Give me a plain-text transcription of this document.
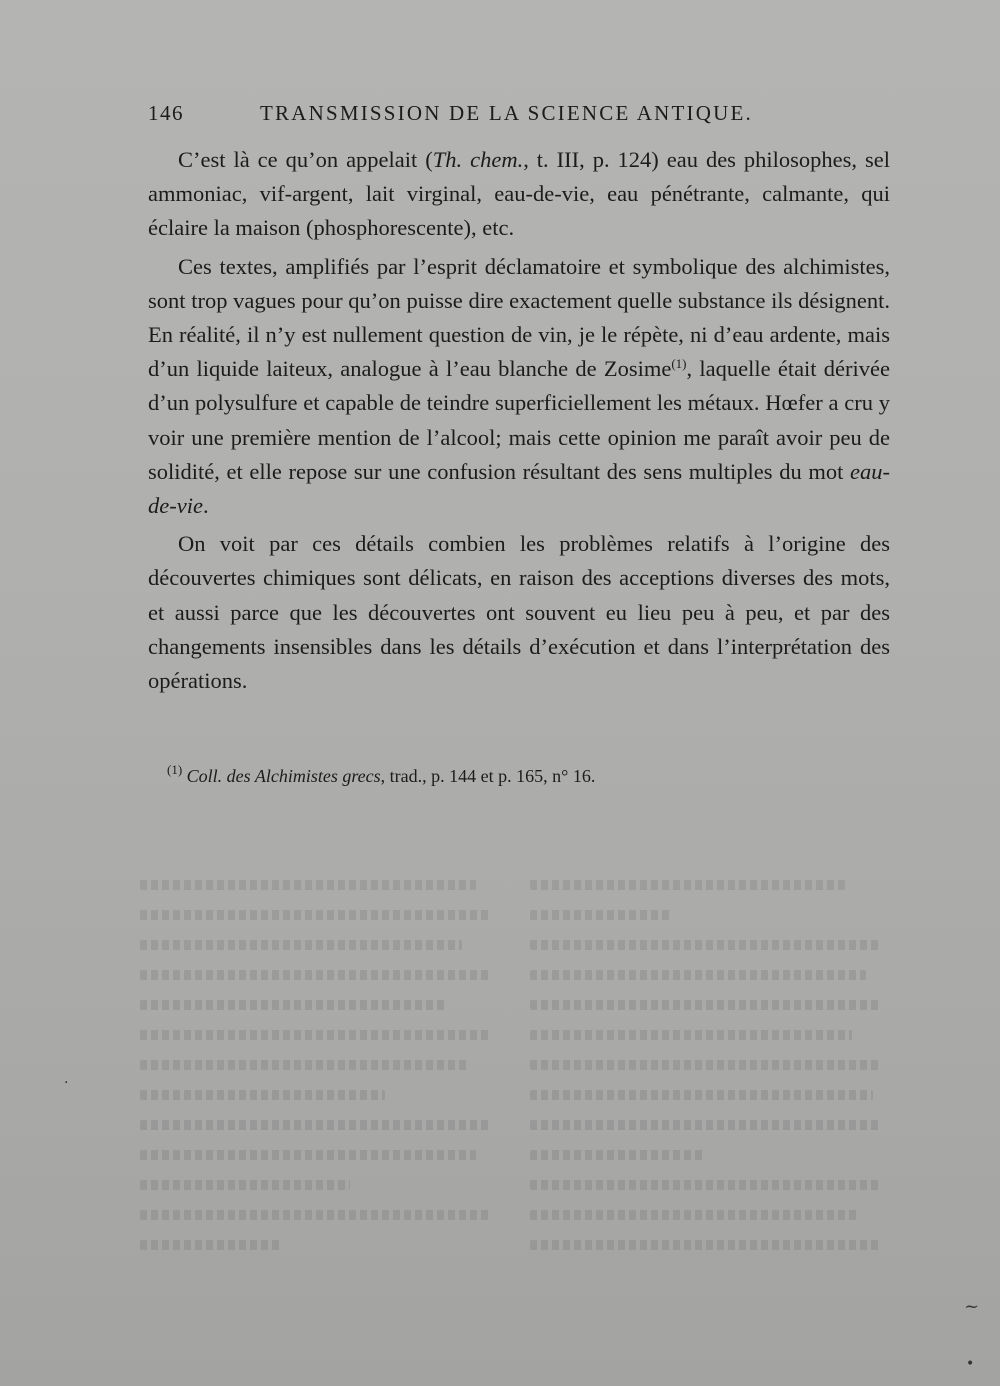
146	TRANSMISSION DE LA SCIENCE ANTIQUE.

C’est là ce qu’on appelait (Th. chem., t. III, p. 124) eau des philosophes, sel ammoniac, vif-argent, lait virginal, eau-de-vie, eau pénétrante, calmante, qui éclaire la maison (phosphorescente), etc.

Ces textes, amplifiés par l’esprit déclamatoire et symbolique des alchimistes, sont trop vagues pour qu’on puisse dire exactement quelle substance ils désignent. En réalité, il n’y est nullement question de vin, je le répète, ni d’eau ardente, mais d’un liquide laiteux, analogue à l’eau blanche de Zosime$^{(1)}$, laquelle était dérivée d’un polysulfure et capable de teindre superficiellement les métaux. Hœfer a cru y voir une première mention de l’alcool; mais cette opinion me paraît avoir peu de solidité, et elle repose sur une confusion résultant des sens multiples du mot eau-de-vie.

On voit par ces détails combien les problèmes relatifs à l’origine des découvertes chimiques sont délicats, en raison des acceptions diverses des mots, et aussi parce que les découvertes ont souvent eu lieu peu à peu, et par des changements insensibles dans les détails d’exécution et dans l’interprétation des opérations.

$^{(1)}$ Coll. des Alchimistes grecs, trad., p. 144 et p. 165, n° 16.
·
~
•
